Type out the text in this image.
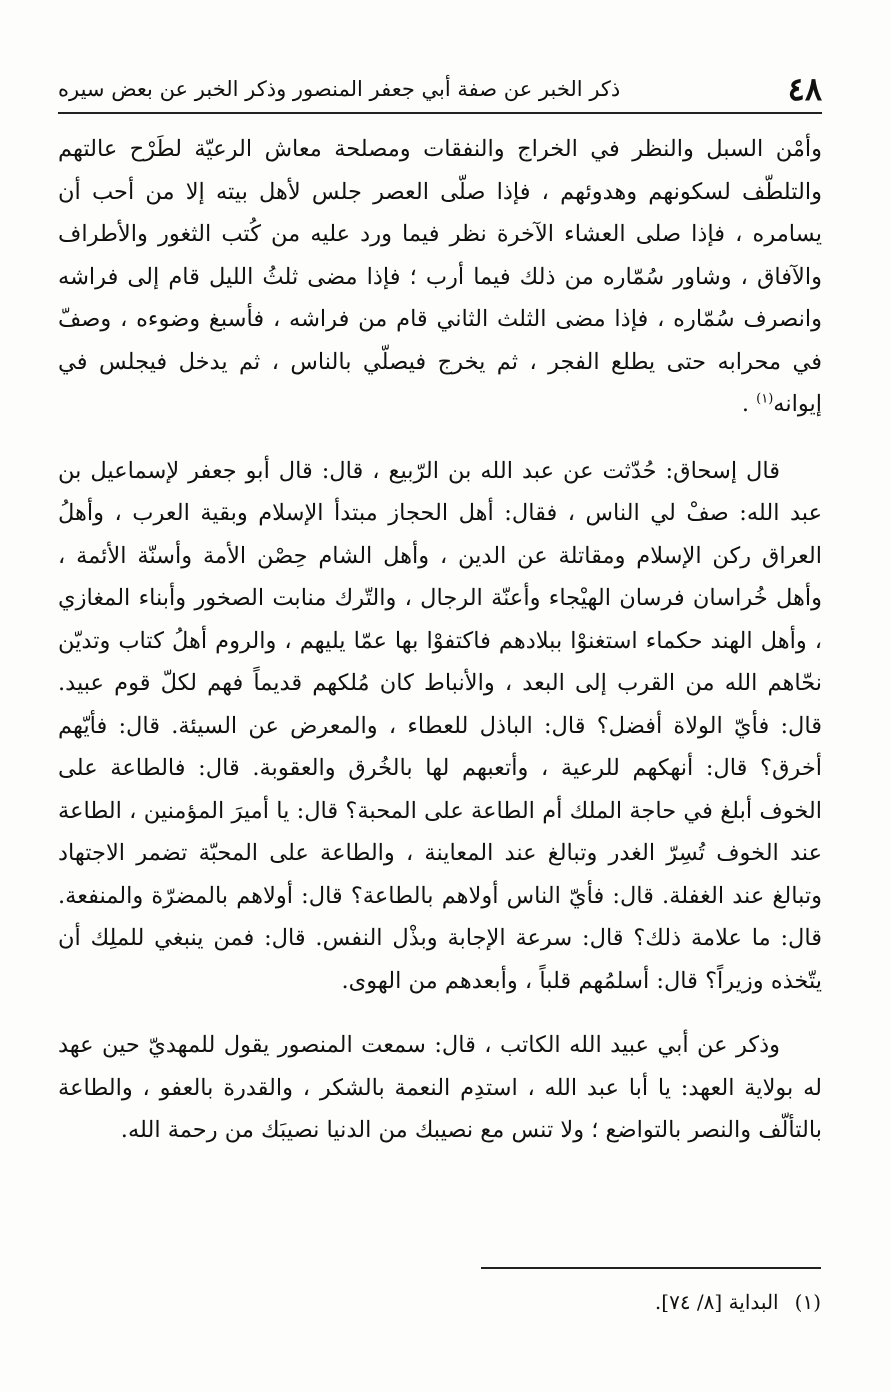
٤٨
ذكر الخبر عن صفة أبي جعفر المنصور وذكر الخبر عن بعض سيره

وأمْن السبل والنظر في الخراج والنفقات ومصلحة معاش الرعيّة لطَرْح عالتهم والتلطّف لسكونهم وهدوئهم ، فإذا صلّى العصر جلس لأهل بيته إلا من أحب أن يسامره ، فإذا صلى العشاء الآخرة نظر فيما ورد عليه من كُتب الثغور والأطراف والآفاق ، وشاور سُمّاره من ذلك فيما أرب ؛ فإذا مضى ثلثُ الليل قام إلى فراشه وانصرف سُمّاره ، فإذا مضى الثلث الثاني قام من فراشه ، فأسبغ وضوءه ، وصفّ في محرابه حتى يطلع الفجر ، ثم يخرج فيصلّي بالناس ، ثم يدخل فيجلس في إيوانه$^{(١)}$ .

قال إسحاق: حُدّثت عن عبد الله بن الرّبيع ، قال: قال أبو جعفر لإسماعيل بن عبد الله: صفْ لي الناس ، فقال: أهل الحجاز مبتدأ الإسلام وبقية العرب ، وأهلُ العراق ركن الإسلام ومقاتلة عن الدين ، وأهل الشام حِصْن الأمة وأسنّة الأئمة ، وأهل خُراسان فرسان الهيْجاء وأعنّة الرجال ، والتّرك منابت الصخور وأبناء المغازي ، وأهل الهند حكماء استغنوْا ببلادهم فاكتفوْا بها عمّا يليهم ، والروم أهلُ كتاب وتديّن نحّاهم الله من القرب إلى البعد ، والأنباط كان مُلكهم قديماً فهم لكلّ قوم عبيد. قال: فأيّ الولاة أفضل؟ قال: الباذل للعطاء ، والمعرض عن السيئة. قال: فأيّهم أخرق؟ قال: أنهكهم للرعية ، وأتعبهم لها بالخُرق والعقوبة. قال: فالطاعة على الخوف أبلغ في حاجة الملك أم الطاعة على المحبة؟ قال: يا أميرَ المؤمنين ، الطاعة عند الخوف تُسِرّ الغدر وتبالغ عند المعاينة ، والطاعة على المحبّة تضمر الاجتهاد وتبالغ عند الغفلة. قال: فأيّ الناس أولاهم بالطاعة؟ قال: أولاهم بالمضرّة والمنفعة. قال: ما علامة ذلك؟ قال: سرعة الإجابة وبذْل النفس. قال: فمن ينبغي للملِك أن يتّخذه وزيراً؟ قال: أسلمُهم قلباً ، وأبعدهم من الهوى.

وذكر عن أبي عبيد الله الكاتب ، قال: سمعت المنصور يقول للمهديّ حين عهد له بولاية العهد: يا أبا عبد الله ، استدِم النعمة بالشكر ، والقدرة بالعفو ، والطاعة بالتألّف والنصر بالتواضع ؛ ولا تنس مع نصيبك من الدنيا نصيبَك من رحمة الله.

(١)البداية [٨/ ٧٤].
